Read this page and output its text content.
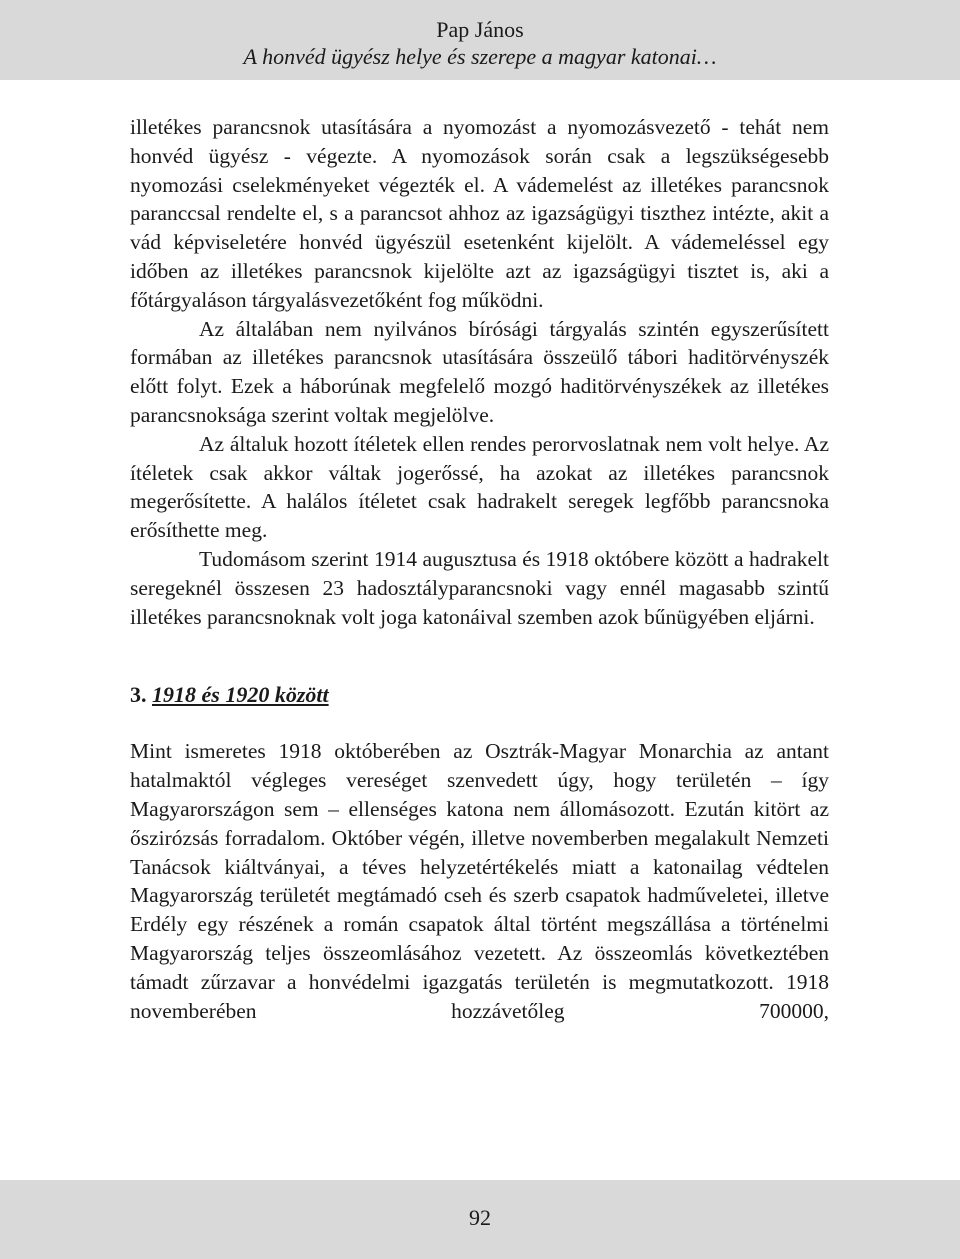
Pap János
A honvéd ügyész helye és szerepe a magyar katonai…

illetékes parancsnok utasítására a nyomozást a nyomozásvezető - tehát nem honvéd ügyész - végezte. A nyomozások során csak a legszükségesebb nyomozási cselekményeket végezték el. A vádemelést az illetékes parancsnok paranccsal rendelte el, s a parancsot ahhoz az igazságügyi tiszthez intézte, akit a vád képviseletére honvéd ügyészül esetenként kijelölt. A vádemeléssel egy időben az illetékes parancsnok kijelölte azt az igazságügyi tisztet is, aki a főtárgyaláson tárgyalásvezetőként fog működni.

Az általában nem nyilvános bírósági tárgyalás szintén egyszerűsített formában az illetékes parancsnok utasítására összeülő tábori haditörvényszék előtt folyt. Ezek a háborúnak megfelelő mozgó haditörvényszékek az illetékes parancsnoksága szerint voltak megjelölve.

Az általuk hozott ítéletek ellen rendes perorvoslatnak nem volt helye. Az ítéletek csak akkor váltak jogerőssé, ha azokat az illetékes parancsnok megerősítette. A halálos ítéletet csak hadrakelt seregek legfőbb parancsnoka erősíthette meg.

Tudomásom szerint 1914 augusztusa és 1918 októbere között a hadrakelt seregeknél összesen 23 hadosztályparancsnoki vagy ennél magasabb szintű illetékes parancsnoknak volt joga katonáival szemben azok bűnügyében eljárni.

3. 1918 és 1920 között

Mint ismeretes 1918 októberében az Osztrák-Magyar Monarchia az antant hatalmaktól végleges vereséget szenvedett úgy, hogy területén – így Magyarországon sem – ellenséges katona nem állomásozott. Ezután kitört az őszirózsás forradalom. Október végén, illetve novemberben megalakult Nemzeti Tanácsok kiáltványai, a téves helyzetértékelés miatt a katonailag védtelen Magyarország területét megtámadó cseh és szerb csapatok hadműveletei, illetve Erdély egy részének a román csapatok által történt megszállása a történelmi Magyarország teljes összeomlásához vezetett. Az összeomlás következtében támadt zűrzavar a honvédelmi igazgatás területén is megmutatkozott. 1918 novemberében hozzávetőleg 700000,

92
